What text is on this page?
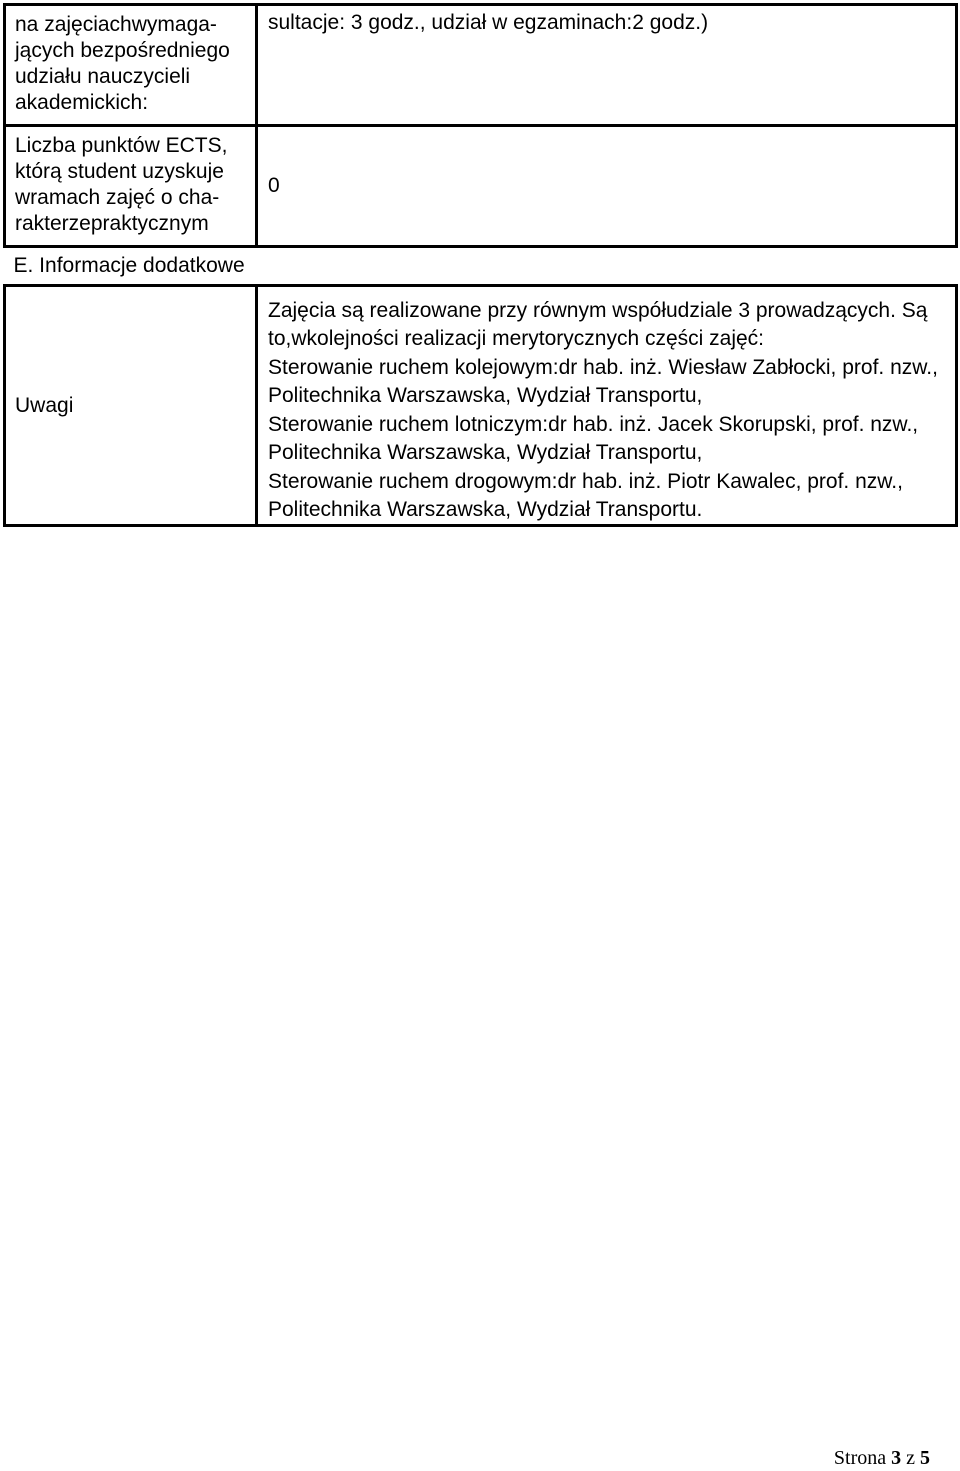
na zajęciachwymaga-jących bezpośredniego udziału nauczycieli akademickich:	sultacje: 3 godz., udział w egzaminach:2 godz.)

Liczba punktów ECTS, którą student uzyskuje wramach zajęć o cha-rakterzepraktycznym	0

E. Informacje dodatkowe	

Uwagi	Zajęcia są realizowane przy równym współudziale 3 prowadzących. Są to,wkolejności realizacji merytorycznych części zajęć:
Sterowanie ruchem kolejowym:dr hab. inż. Wiesław Zabłocki, prof. nzw., Politechnika Warszawska, Wydział Transportu,
Sterowanie ruchem lotniczym:dr hab. inż. Jacek Skorupski, prof. nzw., Politechnika Warszawska, Wydział Transportu,
Sterowanie ruchem drogowym:dr hab. inż. Piotr Kawalec, prof. nzw., Politechnika Warszawska, Wydział Transportu.
Strona 3 z 5
